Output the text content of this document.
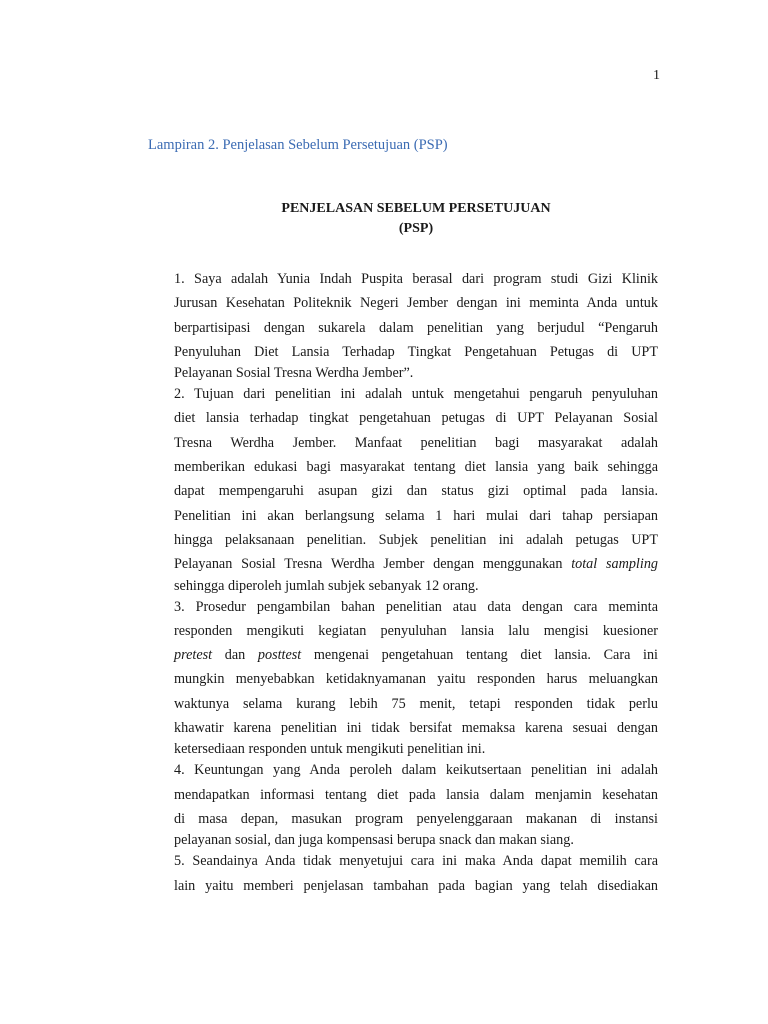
1
Lampiran 2. Penjelasan Sebelum Persetujuan (PSP)
PENJELASAN SEBELUM PERSETUJUAN
(PSP)
1. Saya adalah Yunia Indah Puspita berasal dari program studi Gizi Klinik
Jurusan Kesehatan Politeknik Negeri Jember dengan ini meminta Anda untuk
berpartisipasi dengan sukarela dalam penelitian yang berjudul “Pengaruh
Penyuluhan Diet Lansia Terhadap Tingkat Pengetahuan Petugas di UPT
Pelayanan Sosial Tresna Werdha Jember”.
2. Tujuan dari penelitian ini adalah untuk mengetahui pengaruh penyuluhan
diet lansia terhadap tingkat pengetahuan petugas di UPT Pelayanan Sosial
Tresna Werdha Jember. Manfaat penelitian bagi masyarakat adalah
memberikan edukasi bagi masyarakat tentang diet lansia yang baik sehingga
dapat mempengaruhi asupan gizi dan status gizi optimal pada lansia.
Penelitian ini akan berlangsung selama 1 hari mulai dari tahap persiapan
hingga pelaksanaan penelitian. Subjek penelitian ini adalah petugas UPT
Pelayanan Sosial Tresna Werdha Jember dengan menggunakan total sampling
sehingga diperoleh jumlah subjek sebanyak 12 orang.
3. Prosedur pengambilan bahan penelitian atau data dengan cara meminta
responden mengikuti kegiatan penyuluhan lansia lalu mengisi kuesioner
pretest dan posttest mengenai pengetahuan tentang diet lansia. Cara ini
mungkin menyebabkan ketidaknyamanan yaitu responden harus meluangkan
waktunya selama kurang lebih 75 menit, tetapi responden tidak perlu
khawatir karena penelitian ini tidak bersifat memaksa karena sesuai dengan
ketersediaan responden untuk mengikuti penelitian ini.
4. Keuntungan yang Anda peroleh dalam keikutsertaan penelitian ini adalah
mendapatkan informasi tentang diet pada lansia dalam menjamin kesehatan
di masa depan, masukan program penyelenggaraan makanan di instansi
pelayanan sosial, dan juga kompensasi berupa snack dan makan siang.
5. Seandainya Anda tidak menyetujui cara ini maka Anda dapat memilih cara
lain yaitu memberi penjelasan tambahan pada bagian yang telah disediakan
